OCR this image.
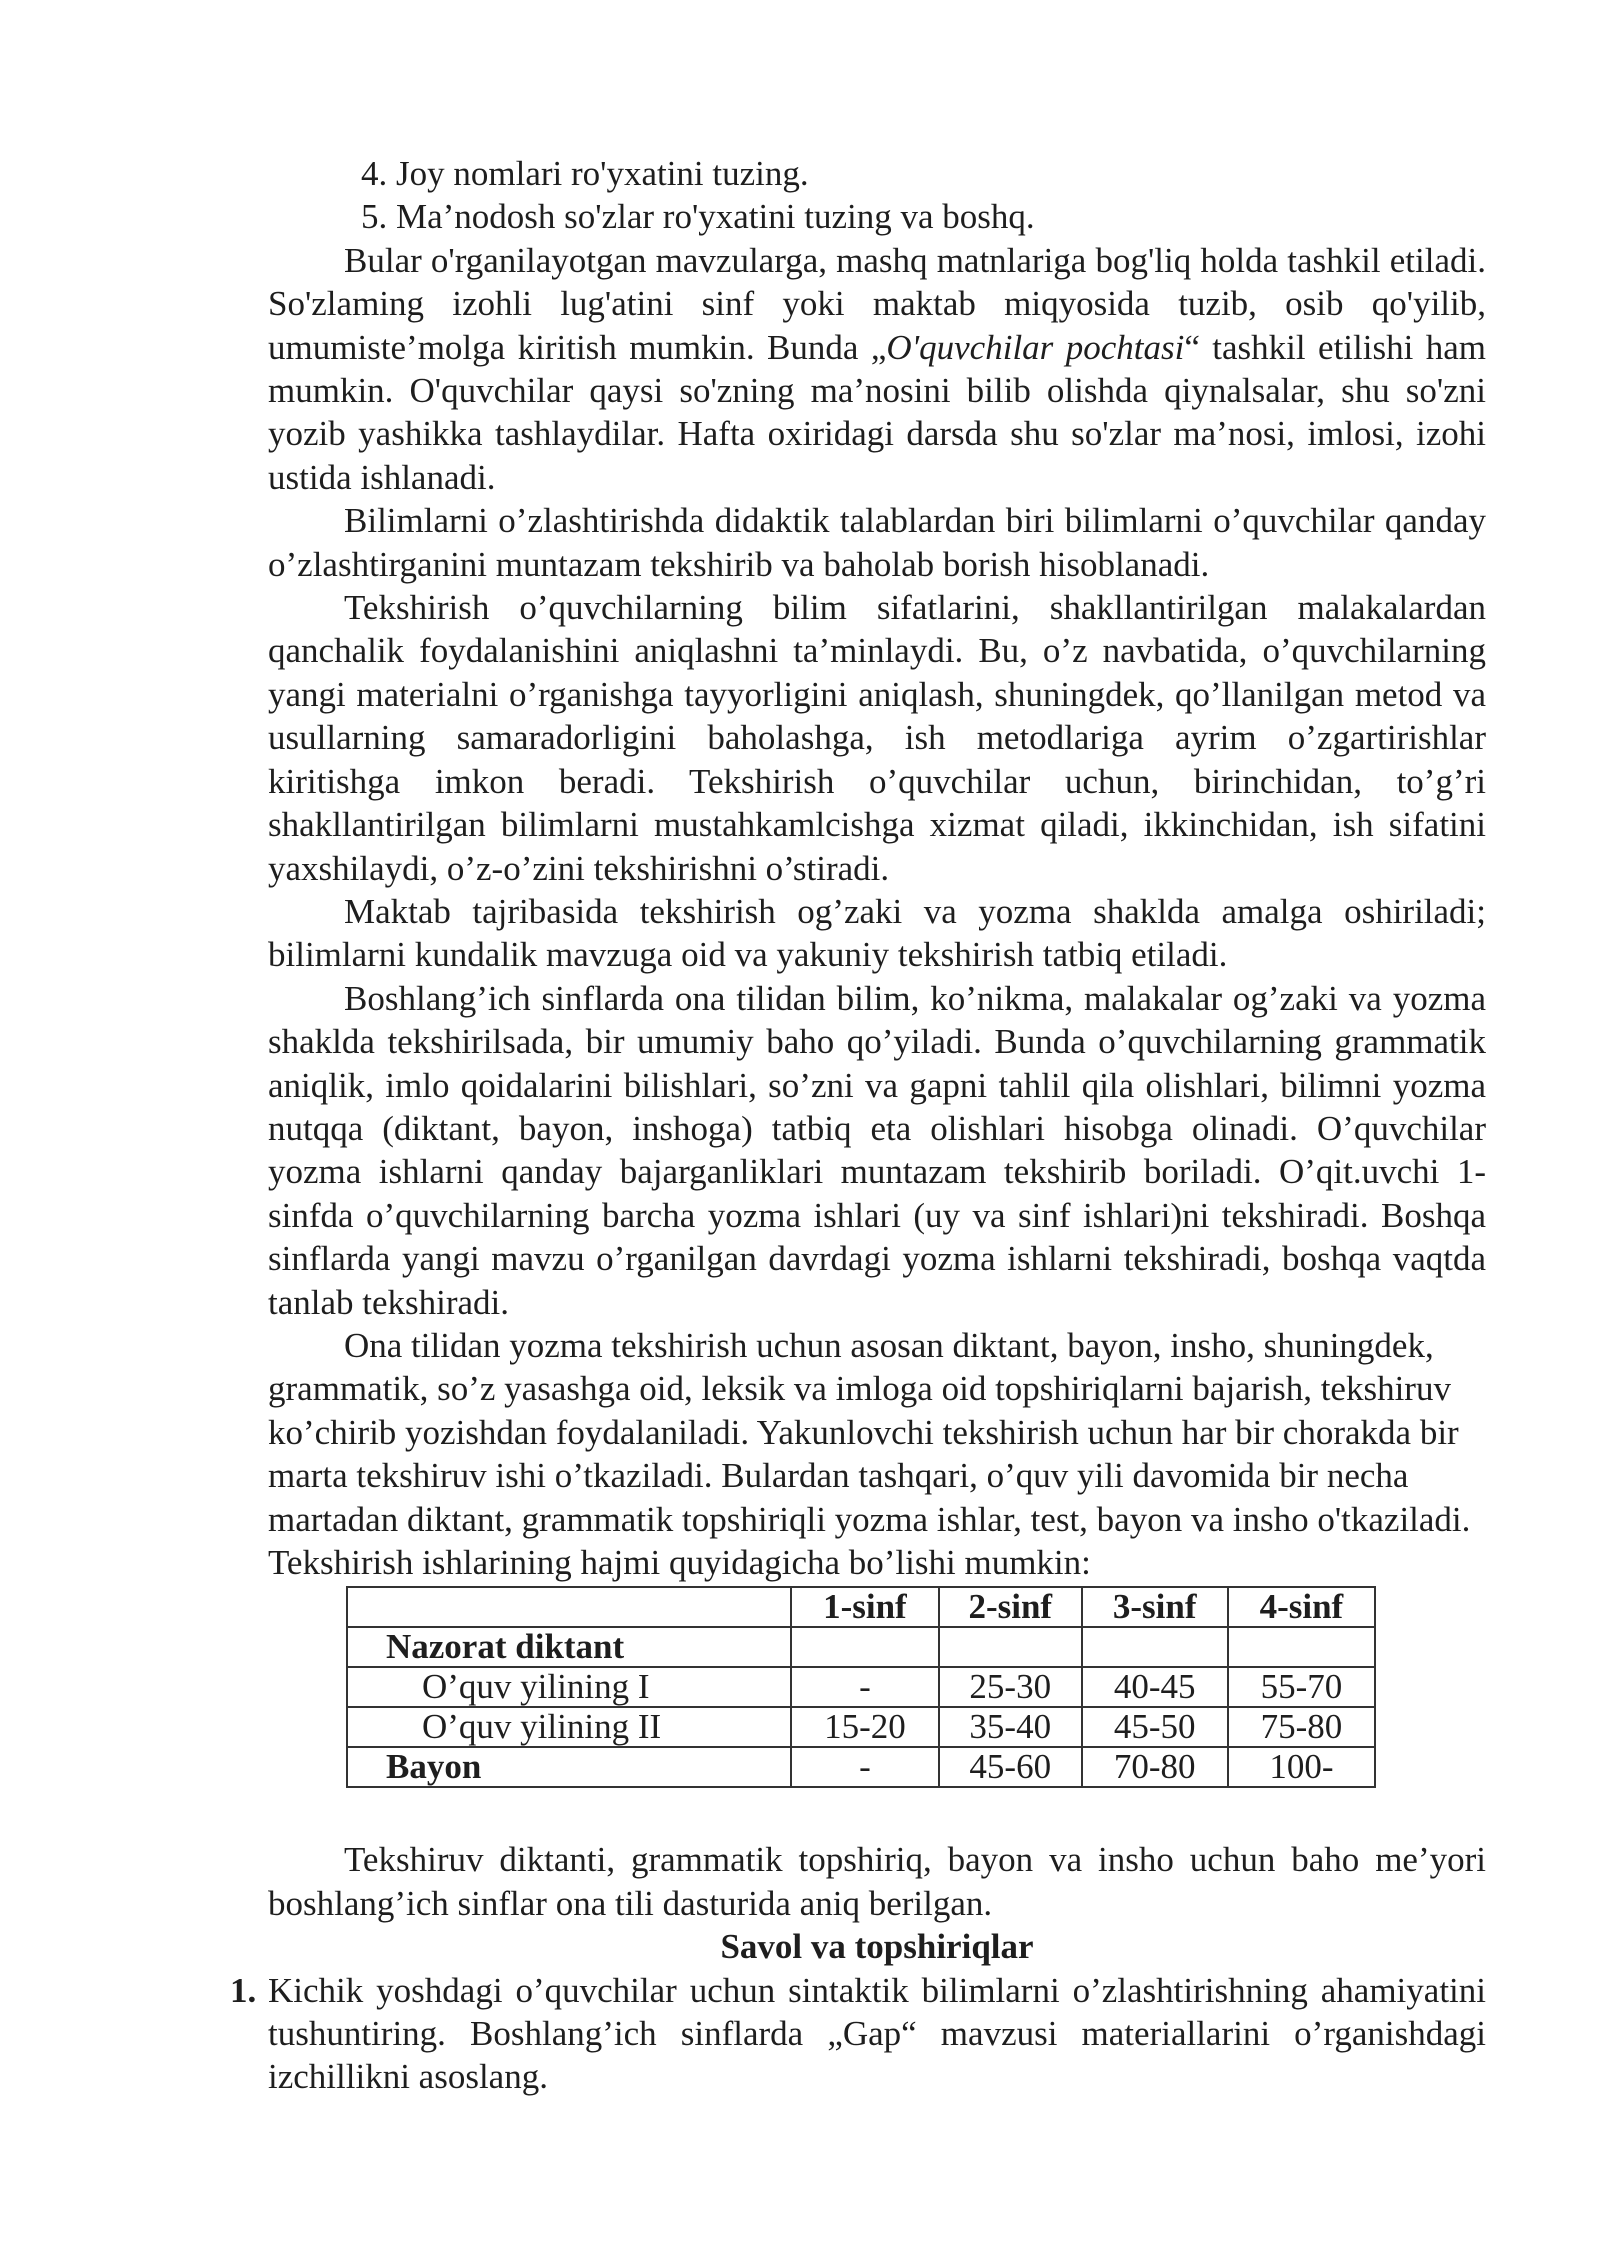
4. Joy nomlari ro'yxatini tuzing.

5. Ma’nodosh so'zlar ro'yxatini tuzing va boshq.

Bular o'rganilayotgan mavzularga, mashq matnlariga bog'liq holda tashkil etiladi. So'zlaming izohli lug'atini sinf yoki maktab miqyosida tuzib, osib qo'yilib, umumiste’molga kiritish mumkin. Bunda „O'quvchilar pochtasi“ tashkil etilishi ham mumkin. O'quvchilar qaysi so'zning ma’nosini bilib olishda qiynalsalar, shu so'zni yozib yashikka tashlaydilar. Hafta oxiridagi darsda shu so'zlar ma’nosi, imlosi, izohi ustida ishlanadi.

Bilimlarni o’zlashtirishda didaktik talablardan biri bilimlarni o’quvchilar qanday o’zlashtirganini muntazam tekshirib va baholab borish hisoblanadi.

Tekshirish o’quvchilarning bilim sifatlarini, shakllantirilgan malakalardan qanchalik foydalanishini aniqlashni ta’minlaydi. Bu, o’z navbatida, o’quvchilarning yangi materialni o’rganishga tayyorligini aniqlash, shuningdek, qo’llanilgan metod va usullarning samaradorligini baholashga, ish metodlariga ayrim o’zgartirishlar kiritishga imkon beradi. Tekshirish o’quvchilar uchun, birinchidan, to’g’ri shakllantirilgan bilimlarni mustahkamlcishga xizmat qiladi, ikkinchidan, ish sifatini yaxshilaydi, o’z-o’zini tekshirishni o’stiradi.

Maktab tajribasida tekshirish og’zaki va yozma shaklda amalga oshiriladi; bilimlarni kundalik mavzuga oid va yakuniy tekshirish tatbiq etiladi.

Boshlang’ich sinflarda ona tilidan bilim, ko’nikma, malakalar og’zaki va yozma shaklda tekshirilsada, bir umumiy baho qo’yiladi. Bunda o’quvchilarning grammatik aniqlik, imlo qoidalarini bilishlari, so’zni va gapni tahlil qila olishlari, bilimni yozma nutqqa (diktant, bayon, inshoga) tatbiq eta olishlari hisobga olinadi. O’quvchilar yozma ishlarni qanday bajarganliklari muntazam tekshirib boriladi. O’qit.uvchi 1-sinfda o’quvchilarning barcha yozma ishlari (uy va sinf ishlari)ni tekshiradi. Boshqa sinflarda yangi mavzu o’rganilgan davrdagi yozma ishlarni tekshiradi, boshqa vaqtda tanlab tekshiradi.

Ona tilidan yozma tekshirish uchun asosan diktant, bayon, insho, shuningdek, grammatik, so’z yasashga oid, leksik va imloga oid topshiriqlarni bajarish, tekshiruv ko’chirib yozishdan foydalaniladi. Yakunlovchi tekshirish uchun har bir chorakda bir marta tekshiruv ishi o’tkaziladi. Bulardan tashqari, o’quv yili davomida bir necha martadan diktant, grammatik topshiriqli yozma ishlar, test, bayon va insho o'tkaziladi. Tekshirish ishlarining hajmi quyidagicha bo’lishi mumkin:

	1-sinf	2-sinf	3-sinf	4-sinf
Nazorat diktant				
O’quv yilining I	-	25-30	40-45	55-70
O’quv yilining II	15-20	35-40	45-50	75-80
Bayon	-	45-60	70-80	100-

Tekshiruv diktanti, grammatik topshiriq, bayon va insho uchun baho me’yori boshlang’ich sinflar ona tili dasturida aniq berilgan.

Savol va topshiriqlar

1. Kichik yoshdagi o’quvchilar uchun sintaktik bilimlarni o’zlashtirishning ahamiyatini tushuntiring. Boshlang’ich sinflarda „Gap“ mavzusi materiallarini o’rganishdagi izchillikni asoslang.
